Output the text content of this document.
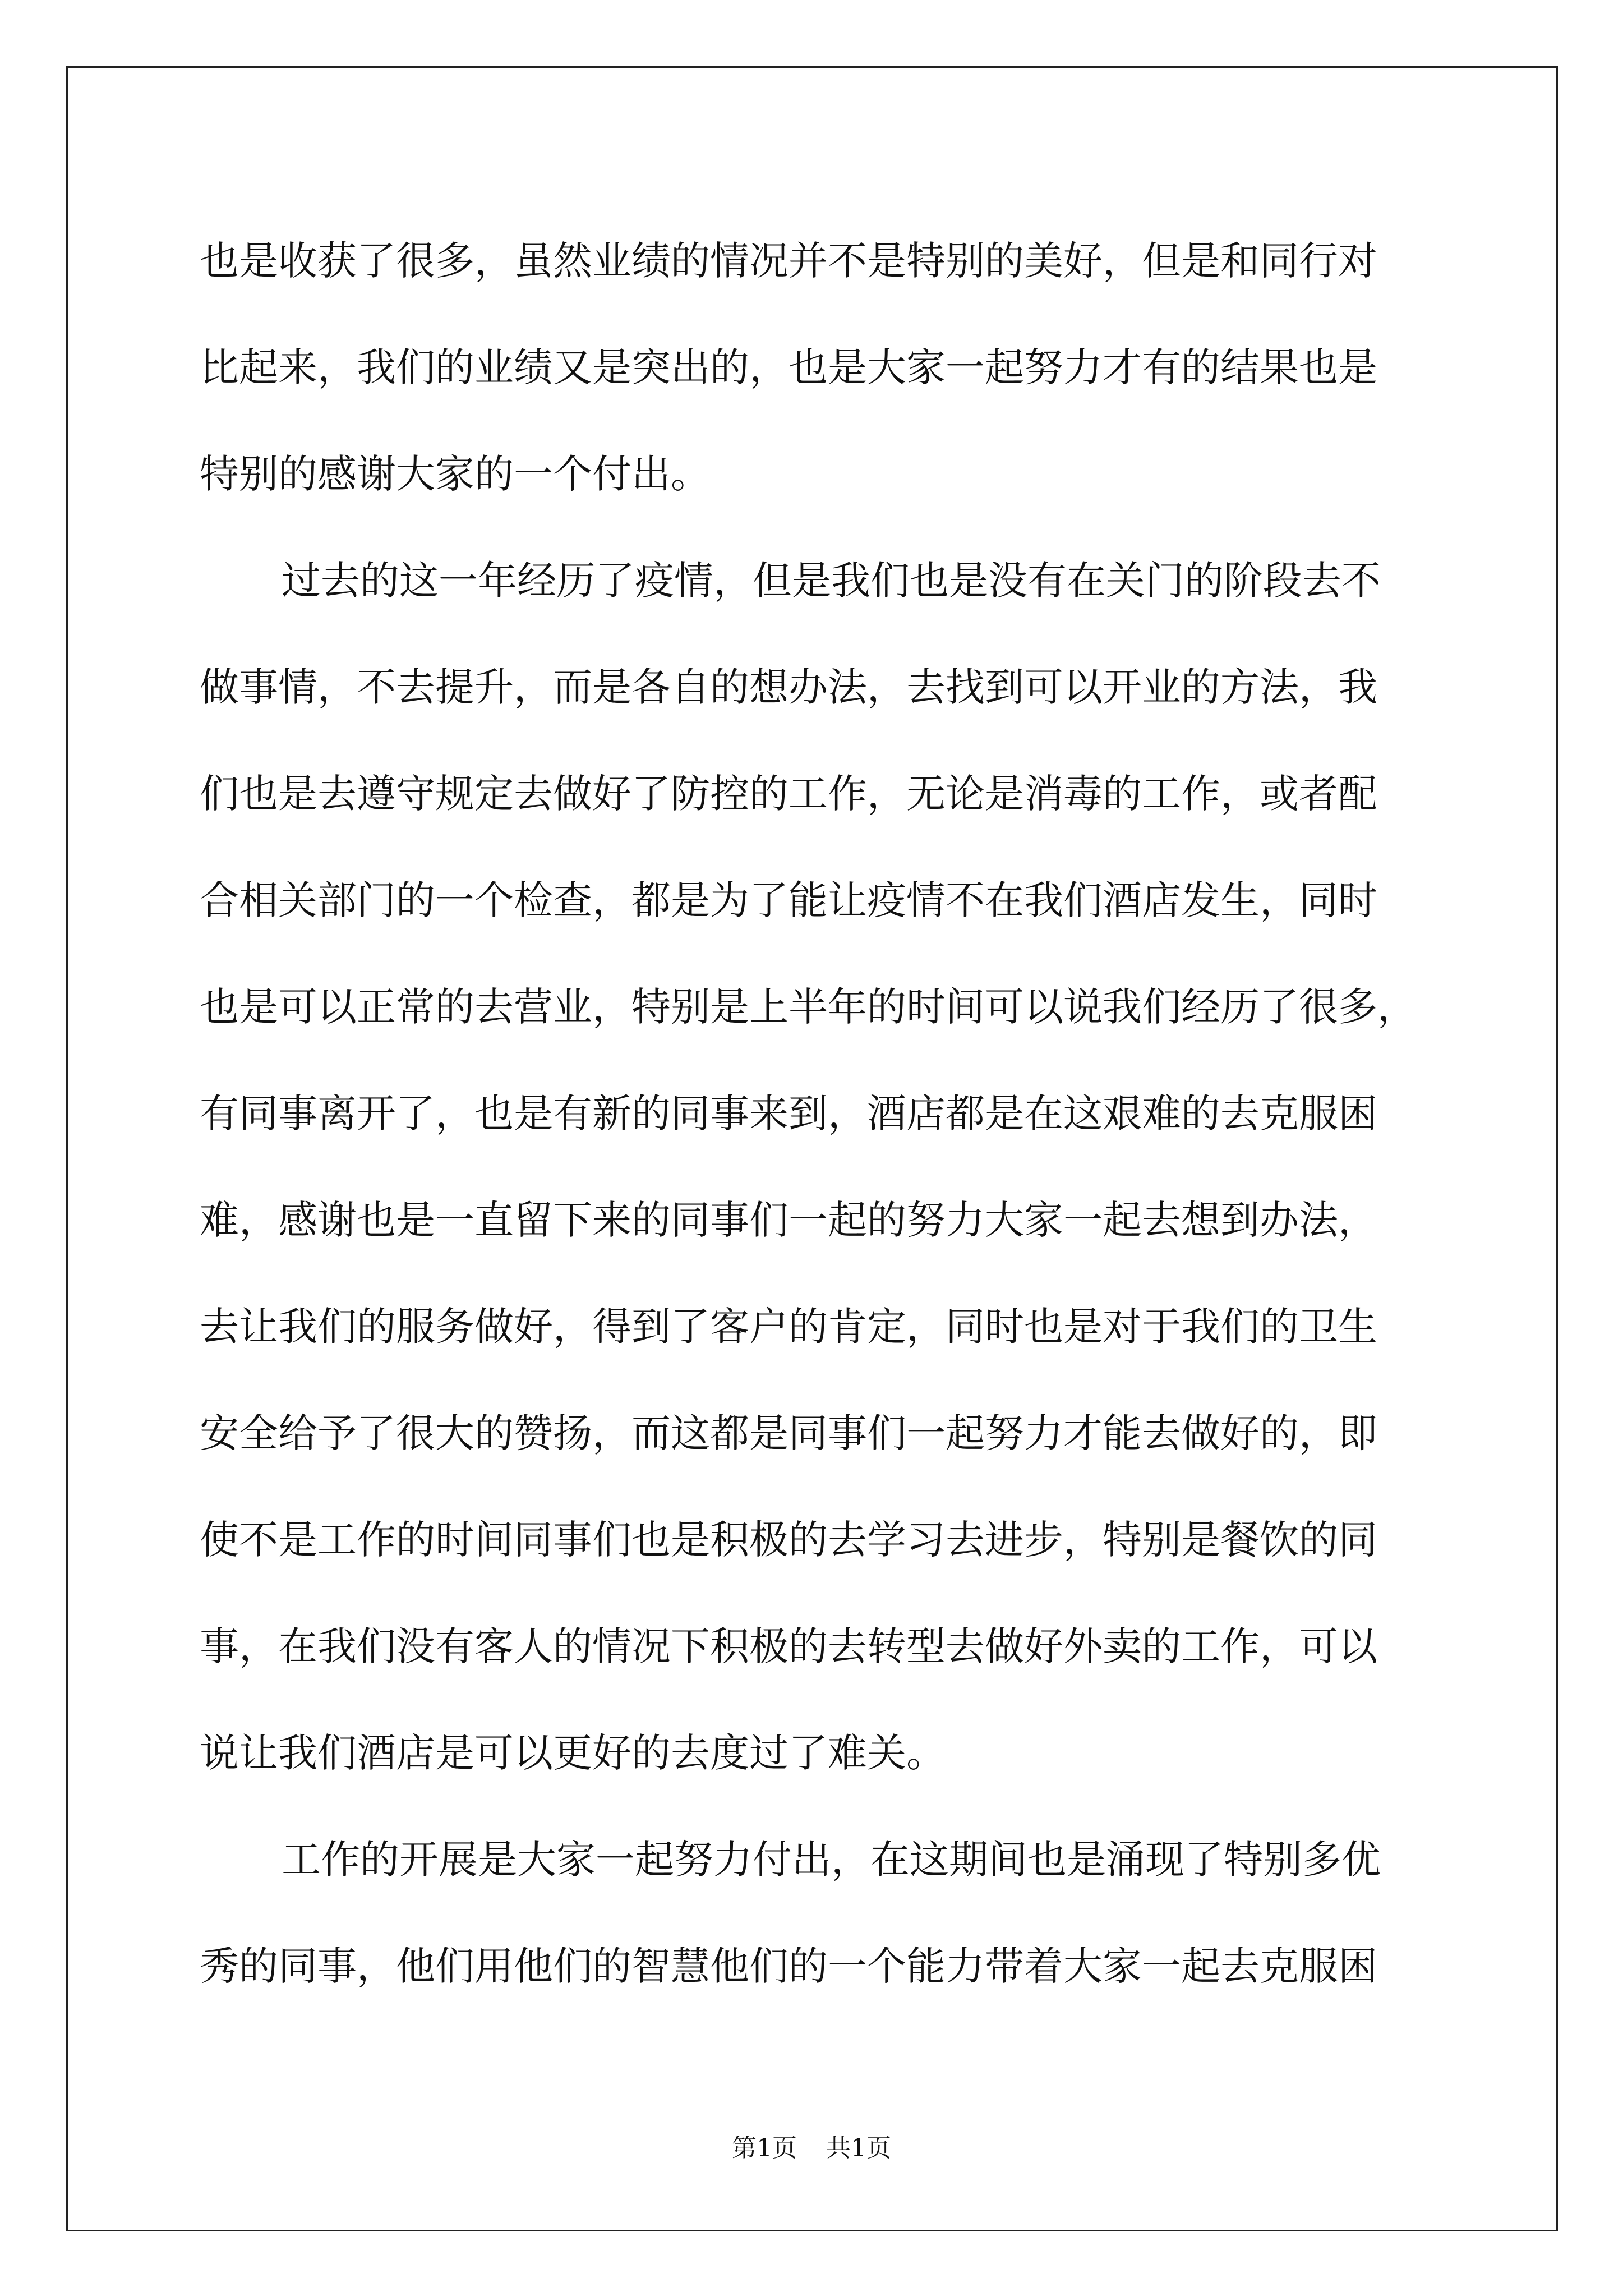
也是收获了很多，虽然业绩的情况并不是特别的美好，但是和同行对
比起来，我们的业绩又是突出的，也是大家一起努力才有的结果也是
特别的感谢大家的一个付出。
过去的这一年经历了疫情，但是我们也是没有在关门的阶段去不
做事情，不去提升，而是各自的想办法，去找到可以开业的方法，我
们也是去遵守规定去做好了防控的工作，无论是消毒的工作，或者配
合相关部门的一个检查，都是为了能让疫情不在我们酒店发生，同时
也是可以正常的去营业，特别是上半年的时间可以说我们经历了很多，
有同事离开了，也是有新的同事来到，酒店都是在这艰难的去克服困
难，感谢也是一直留下来的同事们一起的努力大家一起去想到办法，
去让我们的服务做好，得到了客户的肯定，同时也是对于我们的卫生
安全给予了很大的赞扬，而这都是同事们一起努力才能去做好的，即
使不是工作的时间同事们也是积极的去学习去进步，特别是餐饮的同
事，在我们没有客人的情况下积极的去转型去做好外卖的工作，可以
说让我们酒店是可以更好的去度过了难关。
工作的开展是大家一起努力付出，在这期间也是涌现了特别多优
秀的同事，他们用他们的智慧他们的一个能力带着大家一起去克服困
第1页 共1页
